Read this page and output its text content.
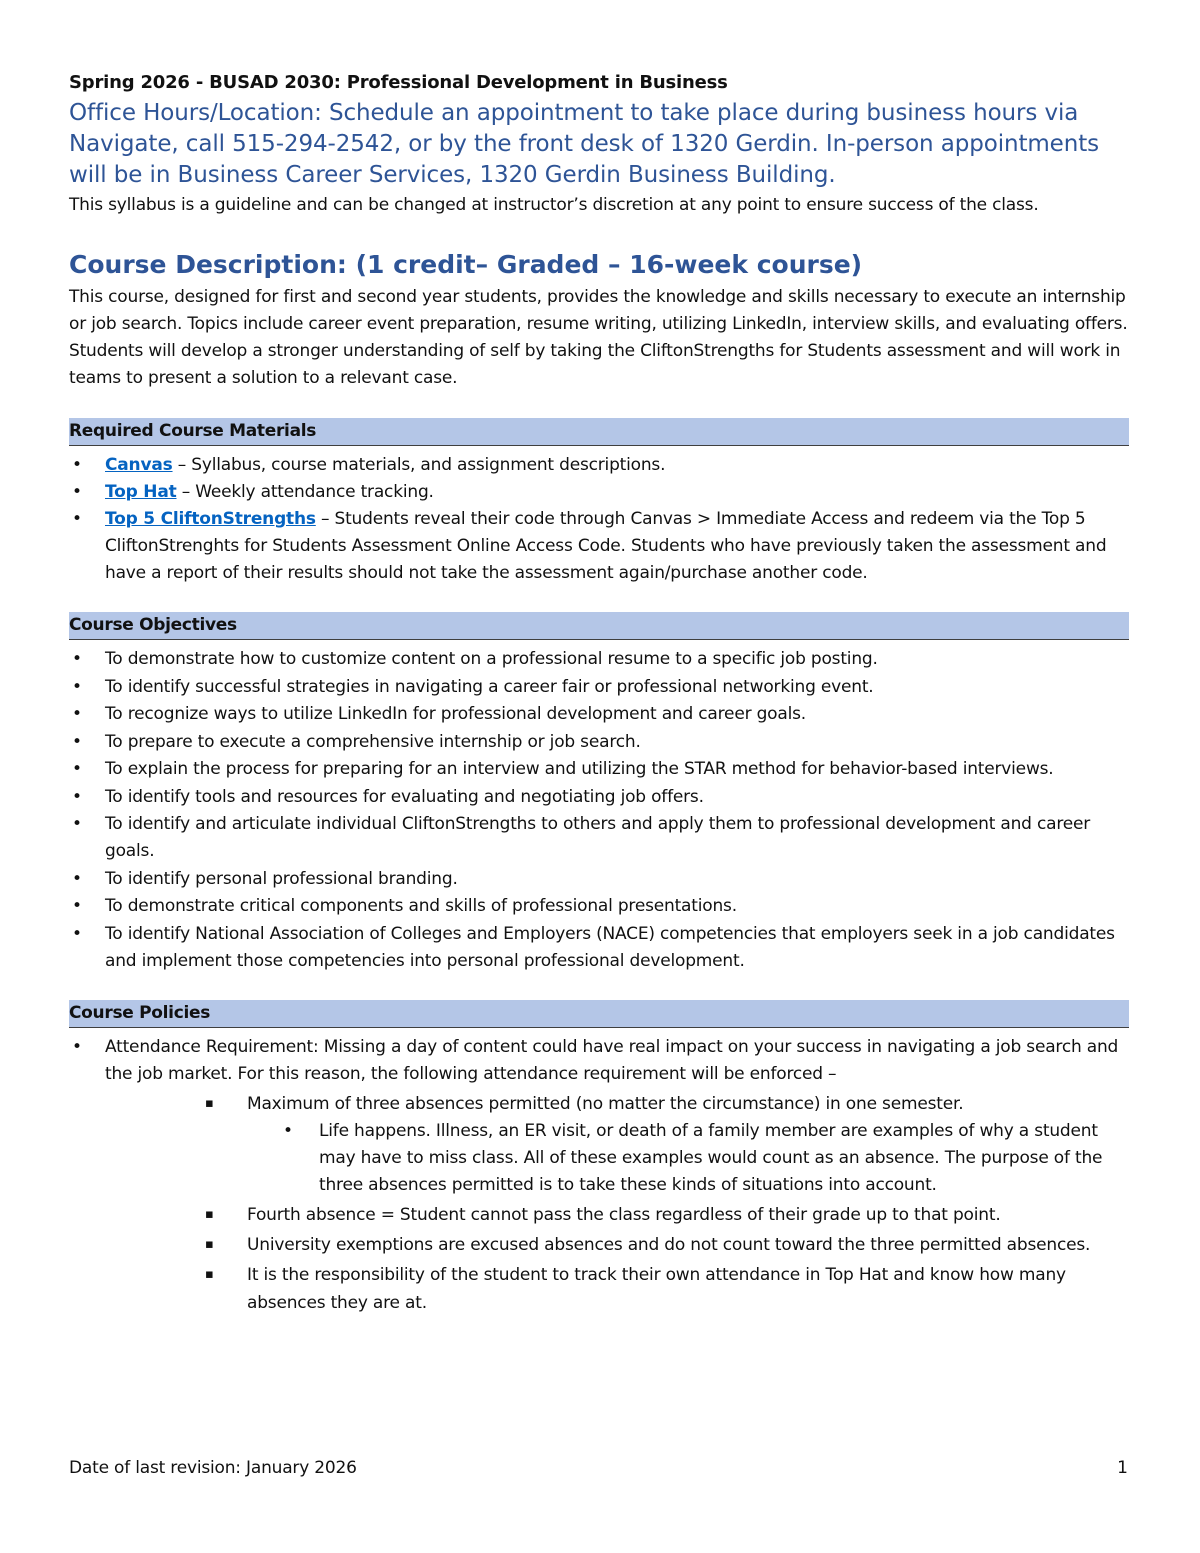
Spring 2026 - BUSAD 2030: Professional Development in Business

Office Hours/Location: Schedule an appointment to take place during business hours via Navigate, call 515-294-2542, or by the front desk of 1320 Gerdin. In-person appointments will be in Business Career Services, 1320 Gerdin Business Building.

This syllabus is a guideline and can be changed at instructor’s discretion at any point to ensure success of the class.

Course Description: (1 credit– Graded – 16-week course)

This course, designed for first and second year students, provides the knowledge and skills necessary to execute an internship or job search. Topics include career event preparation, resume writing, utilizing LinkedIn, interview skills, and evaluating offers. Students will develop a stronger understanding of self by taking the CliftonStrengths for Students assessment and will work in teams to present a solution to a relevant case.

Required Course Materials
• Canvas – Syllabus, course materials, and assignment descriptions.
• Top Hat – Weekly attendance tracking.
• Top 5 CliftonStrengths – Students reveal their code through Canvas > Immediate Access and redeem via the Top 5 CliftonStrenghts for Students Assessment Online Access Code. Students who have previously taken the assessment and have a report of their results should not take the assessment again/purchase another code.
Course Objectives
• To demonstrate how to customize content on a professional resume to a specific job posting.
• To identify successful strategies in navigating a career fair or professional networking event.
• To recognize ways to utilize LinkedIn for professional development and career goals.
• To prepare to execute a comprehensive internship or job search.
• To explain the process for preparing for an interview and utilizing the STAR method for behavior-based interviews.
• To identify tools and resources for evaluating and negotiating job offers.
• To identify and articulate individual CliftonStrengths to others and apply them to professional development and career goals.
• To identify personal professional branding.
• To demonstrate critical components and skills of professional presentations.
• To identify National Association of Colleges and Employers (NACE) competencies that employers seek in a job candidates and implement those competencies into personal professional development.
Course Policies
• Attendance Requirement: Missing a day of content could have real impact on your success in navigating a job search and the job market. For this reason, the following attendance requirement will be enforced –
▪ Maximum of three absences permitted (no matter the circumstance) in one semester.
• Life happens. Illness, an ER visit, or death of a family member are examples of why a student may have to miss class. All of these examples would count as an absence. The purpose of the three absences permitted is to take these kinds of situations into account.
▪ Fourth absence = Student cannot pass the class regardless of their grade up to that point.
▪ University exemptions are excused absences and do not count toward the three permitted absences.
▪ It is the responsibility of the student to track their own attendance in Top Hat and know how many absences they are at.
Date of last revision: January 2026	1
